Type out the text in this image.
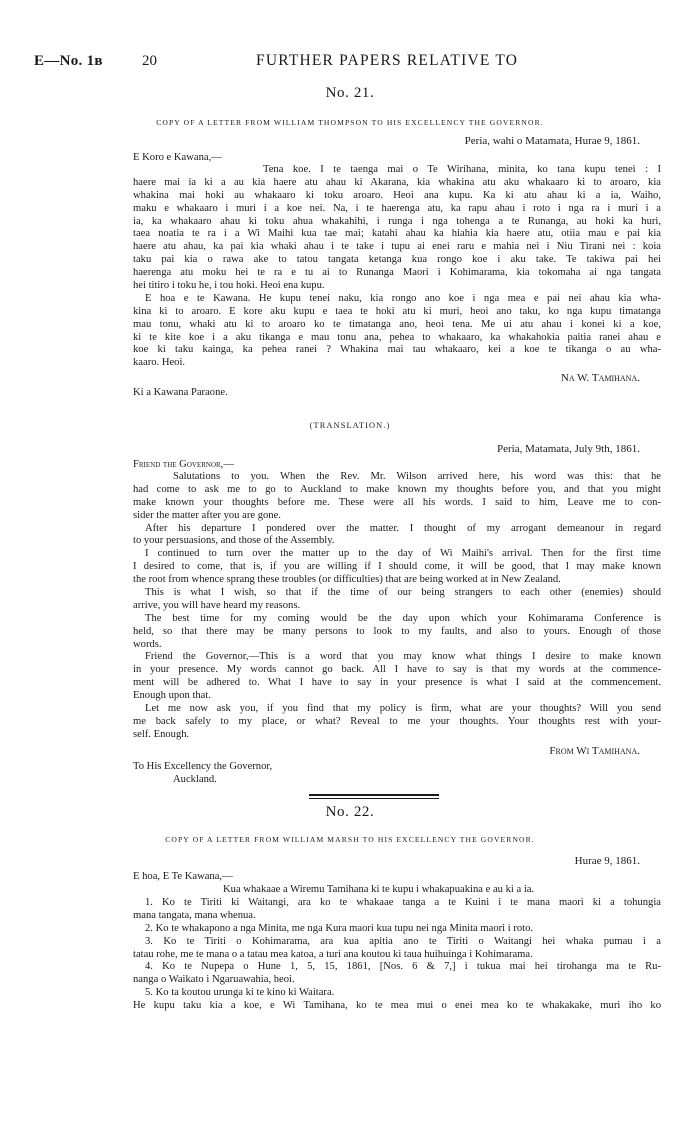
E—No. 1в	20	FURTHER PAPERS RELATIVE TO
No. 21.
COPY OF A LETTER FROM WILLIAM THOMPSON TO HIS EXCELLENCY THE GOVERNOR.
Peria, wahi o Matamata, Hurae 9, 1861.
E Koro e Kawana,—
Tena koe. I te taenga mai o Te Wirihana, minita, ko tana kupu tenei : I
haere mai ia ki a au kia haere atu ahau ki Akarana, kia whakina atu aku whakaaro ki to aroaro, kia
whakina mai hoki au whakaaro ki toku aroaro. Heoi ana kupu. Ka ki atu ahau ki a ia, Waiho,
maku e whakaaro i muri i a koe nei. Na, i te haerenga atu, ka rapu ahau i roto i nga ra i muri i a
ia, ka whakaaro ahau ki toku ahua whakahihi, i runga i nga tohenga a te Runanga, au hoki ka huri,
taea noatia te ra i a Wi Maihi kua tae mai; katahi ahau ka hiahia kia haere atu, otiia mau e pai kia
haere atu ahau, ka pai kia whaki ahau i te take i tupu ai enei raru e mahia nei i Niu Tirani nei : koia
taku pai kia o rawa ake to tatou tangata ketanga kua rongo koe i aku take. Te takiwa pai hei
haerenga atu moku hei te ra e tu ai to Runanga Maori i Kohimarama, kia tokomaha ai nga tangata
hei titiro i toku he, i tou hoki. Heoi ena kupu.
E hoa e te Kawana. He kupu tenei naku, kia rongo ano koe i nga mea e pai nei ahau kia wha-
kina ki to aroaro. E kore aku kupu e taea te hoki atu ki muri, heoi ano taku, ko nga kupu timatanga
mau tonu, whaki atu ki to aroaro ko te timatanga ano, heoi tena. Me ui atu ahau i konei ki a koe,
ki te kite koe i a aku tikanga e mau tonu ana, pehea to whakaaro, ka whakahokia paitia ranei ahau e
koe ki taku kainga, ka pehea ranei ? Whakina mai tau whakaaro, kei a koe te tikanga o au wha-
kaaro. Heoi.
Na W. Tamihana.
Ki a Kawana Paraone.
(TRANSLATION.)
Peria, Matamata, July 9th, 1861.
Friend the Governor,—
Salutations to you. When the Rev. Mr. Wilson arrived here, his word was this: that he
had come to ask me to go to Auckland to make known my thoughts before you, and that you might
make known your thoughts before me. These were all his words. I said to him, Leave me to con-
sider the matter after you are gone.
After his departure I pondered over the matter. I thought of my arrogant demeanour in regard
to your persuasions, and those of the Assembly.
I continued to turn over the matter up to the day of Wi Maihi's arrival. Then for the first time
I desired to come, that is, if you are willing if I should come, it will be good, that I may make known
the root from whence sprang these troubles (or difficulties) that are being worked at in New Zealand.
This is what I wish, so that if the time of our being strangers to each other (enemies) should
arrive, you will have heard my reasons.
The best time for my coming would be the day upon which your Kohimarama Conference is
held, so that there may be many persons to look to my faults, and also to yours. Enough of those
words.
Friend the Governor,—This is a word that you may know what things I desire to make known
in your presence. My words cannot go back. All I have to say is that my words at the commence-
ment will be adhered to. What I have to say in your presence is what I said at the commencement.
Enough upon that.
Let me now ask you, if you find that my policy is firm, what are your thoughts? Will you send
me back safely to my place, or what? Reveal to me your thoughts. Your thoughts rest with your-
self. Enough.
From Wi Tamihana.
To His Excellency the Governor,
Auckland.
No. 22.
COPY OF A LETTER FROM WILLIAM MARSH TO HIS EXCELLENCY THE GOVERNOR.
Hurae 9, 1861.
E hoa, E Te Kawana,—
Kua whakaae a Wiremu Tamihana ki te kupu i whakapuakina e au ki a ia.
1. Ko te Tiriti ki Waitangi, ara ko te whakaae tanga a te Kuini i te mana maori ki a tohungia
mana tangata, mana whenua.
2. Ko te whakapono a nga Minita, me nga Kura maori kua tupu nei nga Minita maori i roto.
3. Ko te Tiriti o Kohimarama, ara kua apitia ano te Tiriti o Waitangi hei whaka pumau i a
tatau rohe, me te mana o a tatau mea katoa, a turi ana koutou ki taua huihuinga i Kohimarama.
4. Ko te Nupepa o Hune 1, 5, 15, 1861, [Nos. 6 & 7,] i tukua mai hei tirohanga ma te Ru-
nanga o Waikato i Ngaruawahia, heoi.
5. Ko ta koutou urunga ki te kino ki Waitara.
He kupu taku kia a koe, e Wi Tamihana, ko te mea mui o enei mea ko te whakakake, muri iho ko
